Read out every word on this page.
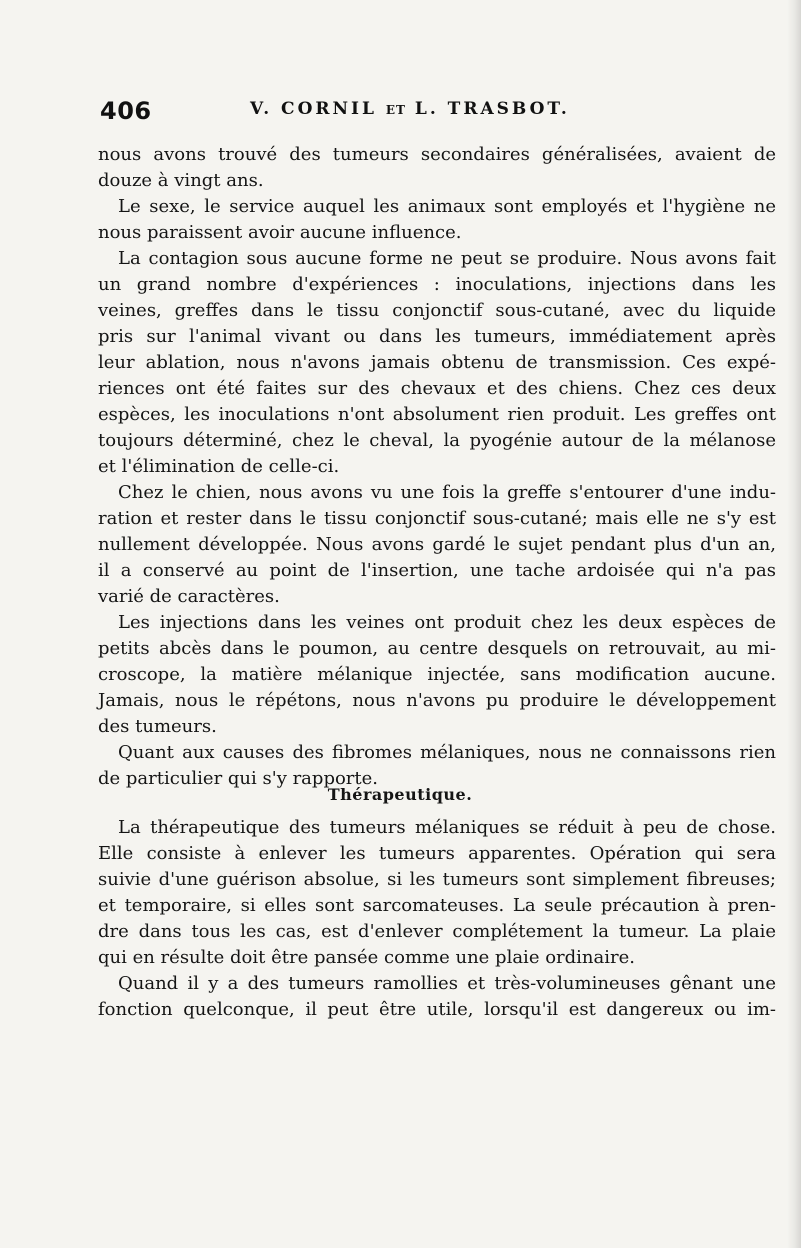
406	V. CORNIL ET L. TRASBOT.
nous avons trouvé des tumeurs secondaires généralisées, avaient de
douze à vingt ans.
Le sexe, le service auquel les animaux sont employés et l'hygiène ne
nous paraissent avoir aucune influence.
La contagion sous aucune forme ne peut se produire. Nous avons fait
un grand nombre d'expériences : inoculations, injections dans les
veines, greffes dans le tissu conjonctif sous-cutané, avec du liquide
pris sur l'animal vivant ou dans les tumeurs, immédiatement après
leur ablation, nous n'avons jamais obtenu de transmission. Ces expé-
riences ont été faites sur des chevaux et des chiens. Chez ces deux
espèces, les inoculations n'ont absolument rien produit. Les greffes ont
toujours déterminé, chez le cheval, la pyogénie autour de la mélanose
et l'élimination de celle-ci.
Chez le chien, nous avons vu une fois la greffe s'entourer d'une indu-
ration et rester dans le tissu conjonctif sous-cutané; mais elle ne s'y est
nullement développée. Nous avons gardé le sujet pendant plus d'un an,
il a conservé au point de l'insertion, une tache ardoisée qui n'a pas
varié de caractères.
Les injections dans les veines ont produit chez les deux espèces de
petits abcès dans le poumon, au centre desquels on retrouvait, au mi-
croscope, la matière mélanique injectée, sans modification aucune.
Jamais, nous le répétons, nous n'avons pu produire le développement
des tumeurs.
Quant aux causes des fibromes mélaniques, nous ne connaissons rien
de particulier qui s'y rapporte.
Thérapeutique.
La thérapeutique des tumeurs mélaniques se réduit à peu de chose.
Elle consiste à enlever les tumeurs apparentes. Opération qui sera
suivie d'une guérison absolue, si les tumeurs sont simplement fibreuses;
et temporaire, si elles sont sarcomateuses. La seule précaution à pren-
dre dans tous les cas, est d'enlever complétement la tumeur. La plaie
qui en résulte doit être pansée comme une plaie ordinaire.
Quand il y a des tumeurs ramollies et très-volumineuses gênant une
fonction quelconque, il peut être utile, lorsqu'il est dangereux ou im-
